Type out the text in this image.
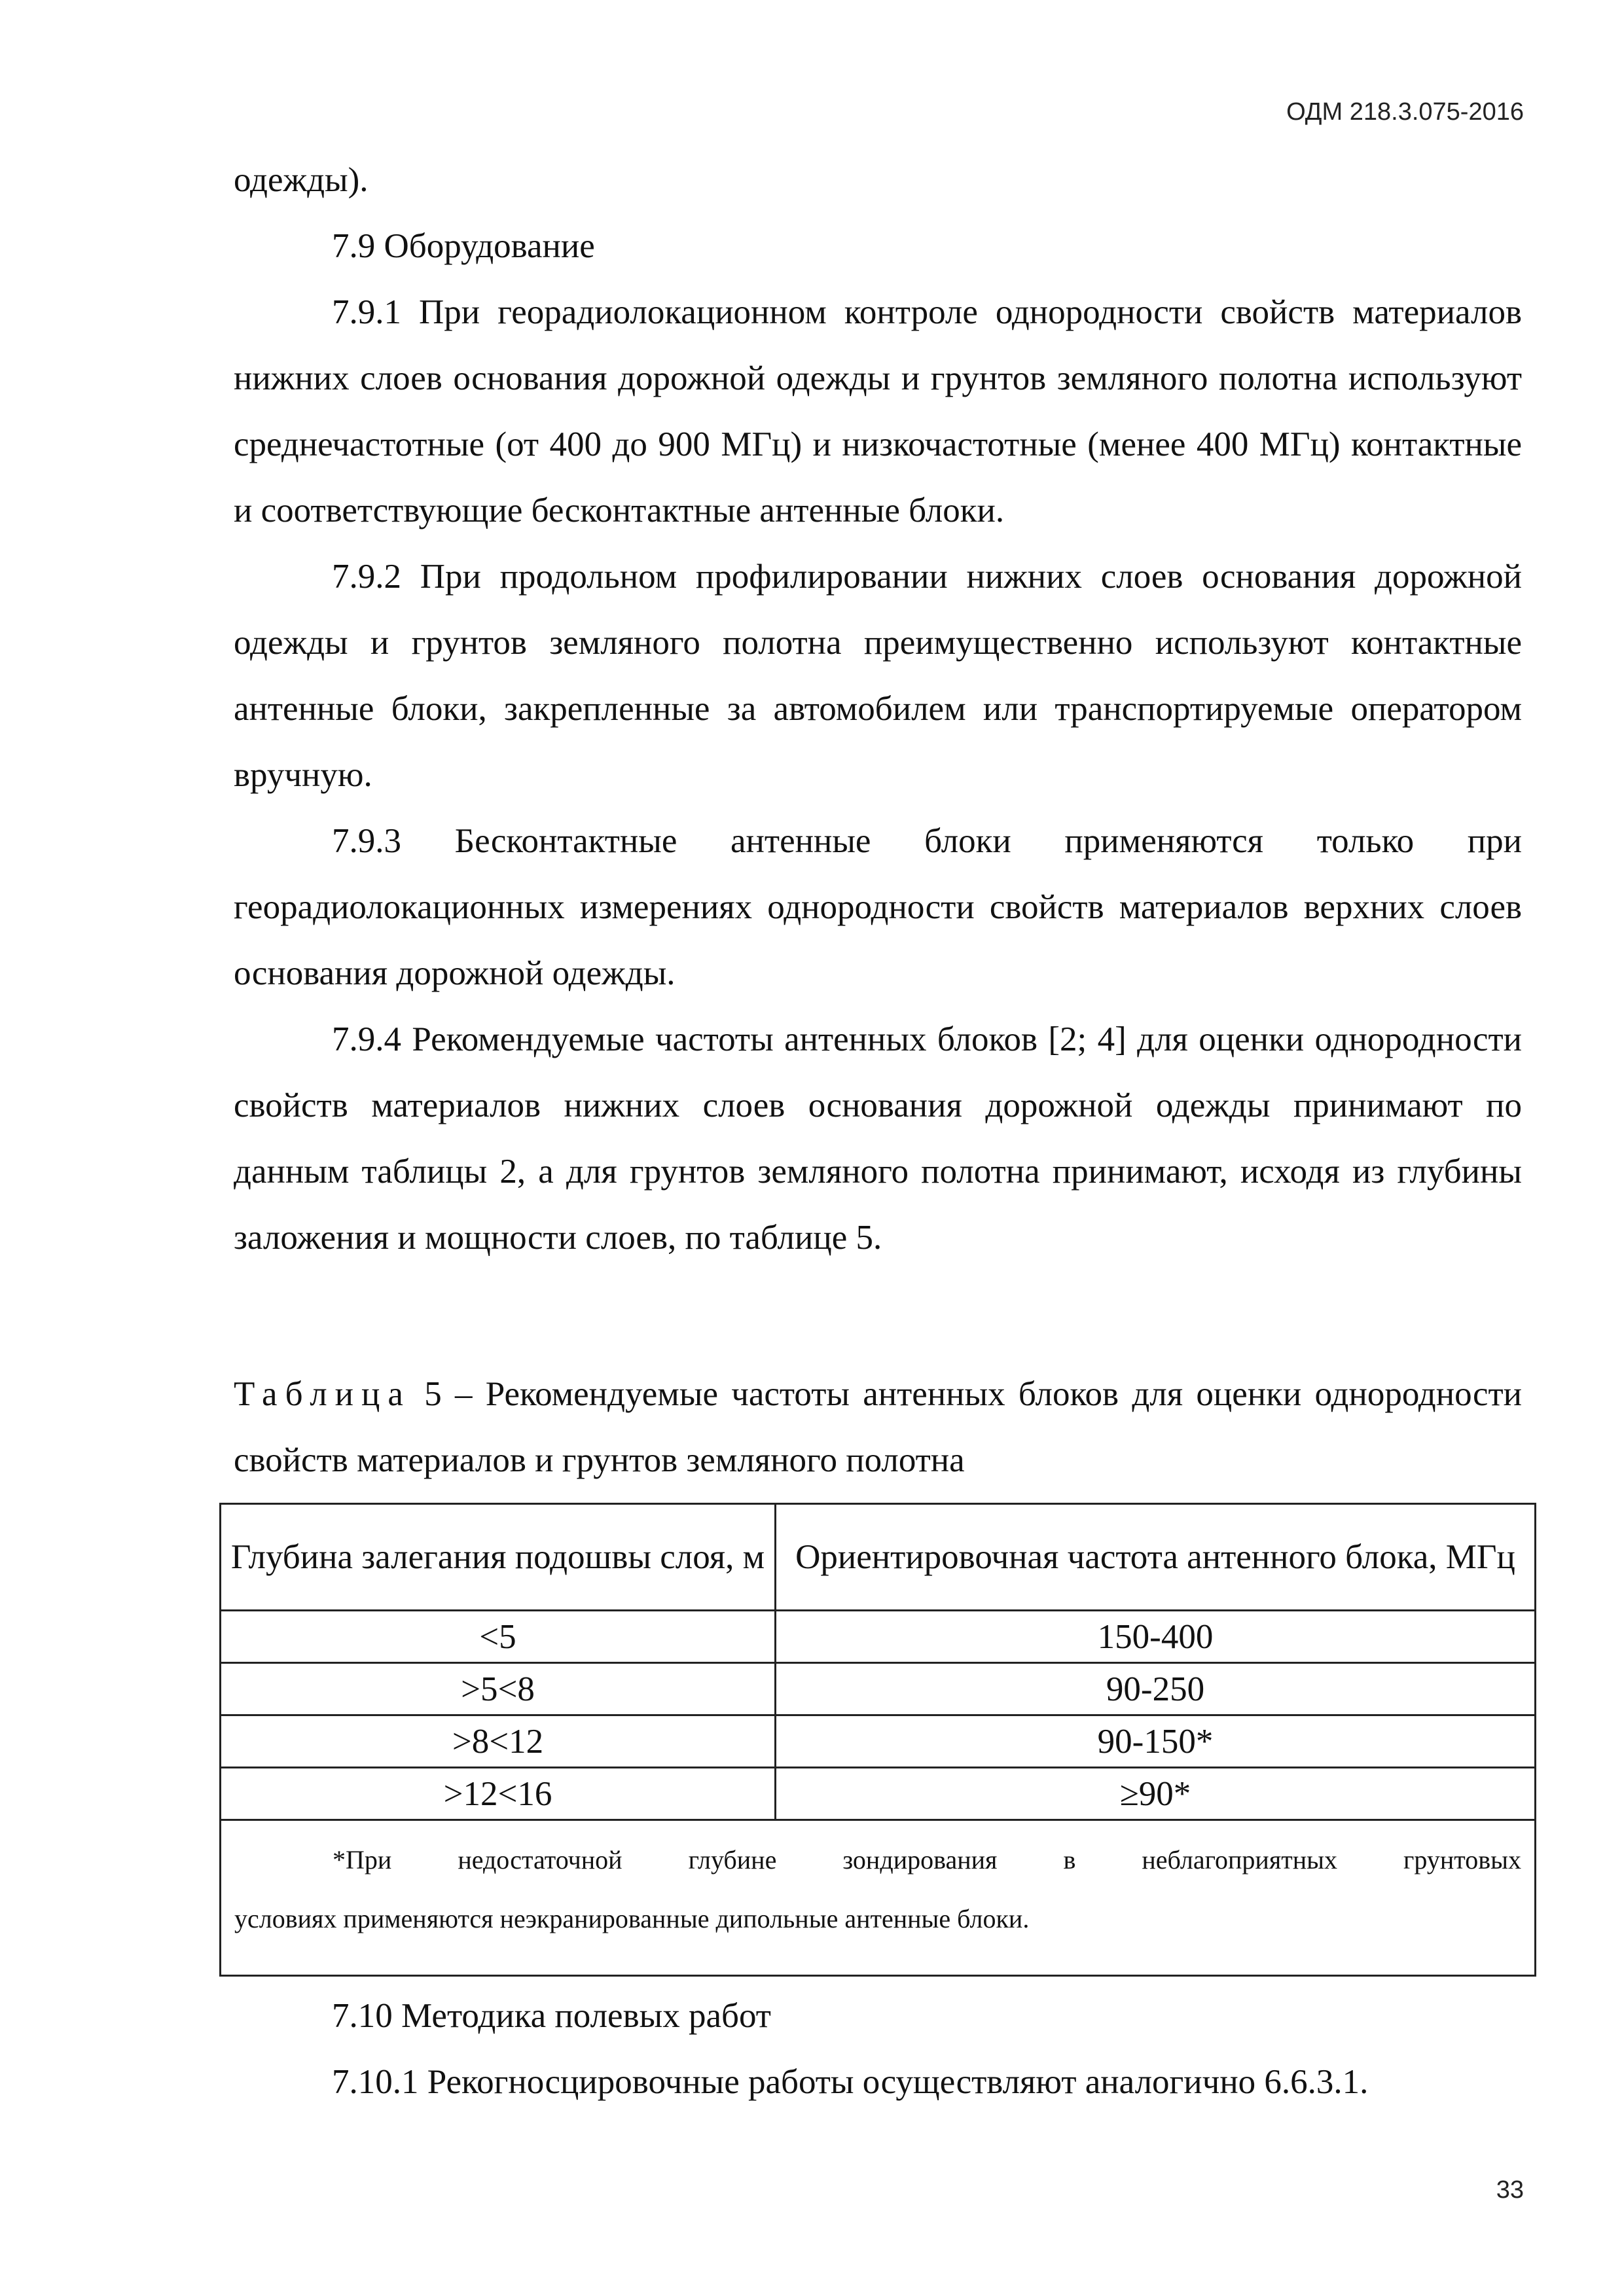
ОДМ 218.3.075-2016

одежды).

7.9 Оборудование

7.9.1 При георадиолокационном контроле однородности свойств материалов нижних слоев основания дорожной одежды и грунтов земляного полотна используют среднечастотные (от 400 до 900 МГц) и низкочастотные (менее 400 МГц) контактные и соответствующие бесконтактные антенные блоки.

7.9.2 При продольном профилировании нижних слоев основания дорожной одежды и грунтов земляного полотна преимущественно используют контактные антенные блоки, закрепленные за автомобилем или транспортируемые оператором вручную.

7.9.3 Бесконтактные антенные блоки применяются только при георадиолокационных измерениях однородности свойств материалов верхних слоев основания дорожной одежды.

7.9.4 Рекомендуемые частоты антенных блоков [2; 4] для оценки однородности свойств материалов нижних слоев основания дорожной одежды принимают по данным таблицы 2, а для грунтов земляного полотна принимают, исходя из глубины заложения и мощности слоев, по таблице 5.

Таблица 5 – Рекомендуемые частоты антенных блоков для оценки однородности свойств материалов и грунтов земляного полотна
Глубина залегания подошвы слоя, м	Ориентировочная частота антенного блока, МГц
<5	150-400
>5<8	90-250
>8<12	90-150*
>12<16	≥90*

*При недостаточной глубине зондирования в неблагоприятных грунтовых
условиях применяются неэкранированные дипольные антенные блоки.	

7.10 Методика полевых работ

7.10.1 Рекогносцировочные работы осуществляют аналогично 6.6.3.1.

33
